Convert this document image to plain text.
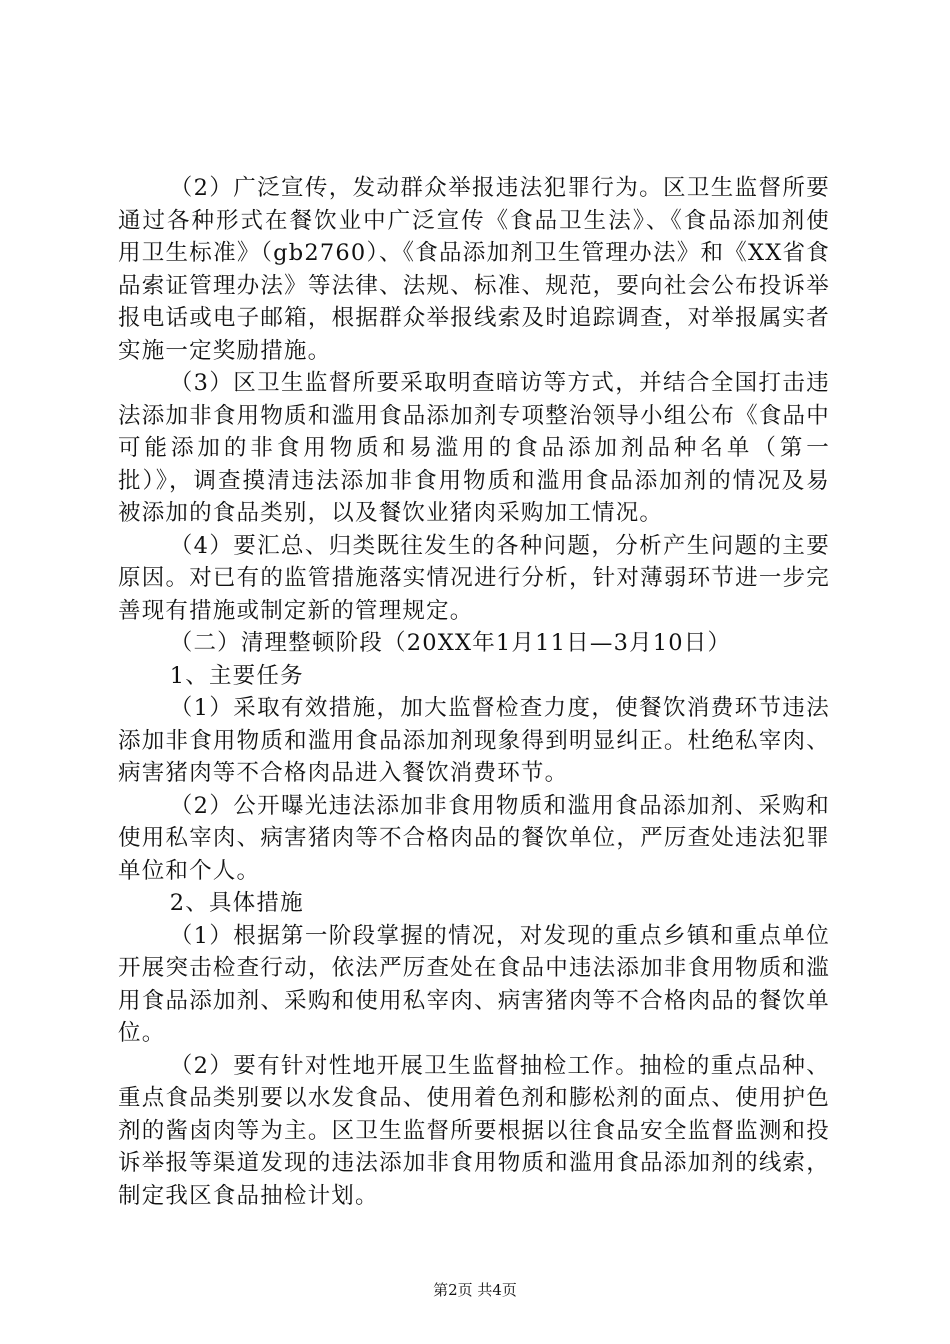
（2）广泛宣传，发动群众举报违法犯罪行为。区卫生监督所要通过各种形式在餐饮业中广泛宣传《食品卫生法》、《食品添加剂使用卫生标准》（gb2760）、《食品添加剂卫生管理办法》和《XX省食品索证管理办法》等法律、法规、标准、规范，要向社会公布投诉举报电话或电子邮箱，根据群众举报线索及时追踪调查，对举报属实者实施一定奖励措施。

（3）区卫生监督所要采取明查暗访等方式，并结合全国打击违法添加非食用物质和滥用食品添加剂专项整治领导小组公布《食品中可能添加的非食用物质和易滥用的食品添加剂品种名单（第一批）》，调查摸清违法添加非食用物质和滥用食品添加剂的情况及易被添加的食品类别，以及餐饮业猪肉采购加工情况。

（4）要汇总、归类既往发生的各种问题，分析产生问题的主要原因。对已有的监管措施落实情况进行分析，针对薄弱环节进一步完善现有措施或制定新的管理规定。

（二）清理整顿阶段（20XX年1月11日—3月10日）

1、主要任务

（1）采取有效措施，加大监督检查力度，使餐饮消费环节违法添加非食用物质和滥用食品添加剂现象得到明显纠正。杜绝私宰肉、病害猪肉等不合格肉品进入餐饮消费环节。

（2）公开曝光违法添加非食用物质和滥用食品添加剂、采购和使用私宰肉、病害猪肉等不合格肉品的餐饮单位，严厉查处违法犯罪单位和个人。

2、具体措施

（1）根据第一阶段掌握的情况，对发现的重点乡镇和重点单位开展突击检查行动，依法严厉查处在食品中违法添加非食用物质和滥用食品添加剂、采购和使用私宰肉、病害猪肉等不合格肉品的餐饮单位。

（2）要有针对性地开展卫生监督抽检工作。抽检的重点品种、重点食品类别要以水发食品、使用着色剂和膨松剂的面点、使用护色剂的酱卤肉等为主。区卫生监督所要根据以往食品安全监督监测和投诉举报等渠道发现的违法添加非食用物质和滥用食品添加剂的线索，制定我区食品抽检计划。

第2页 共4页
